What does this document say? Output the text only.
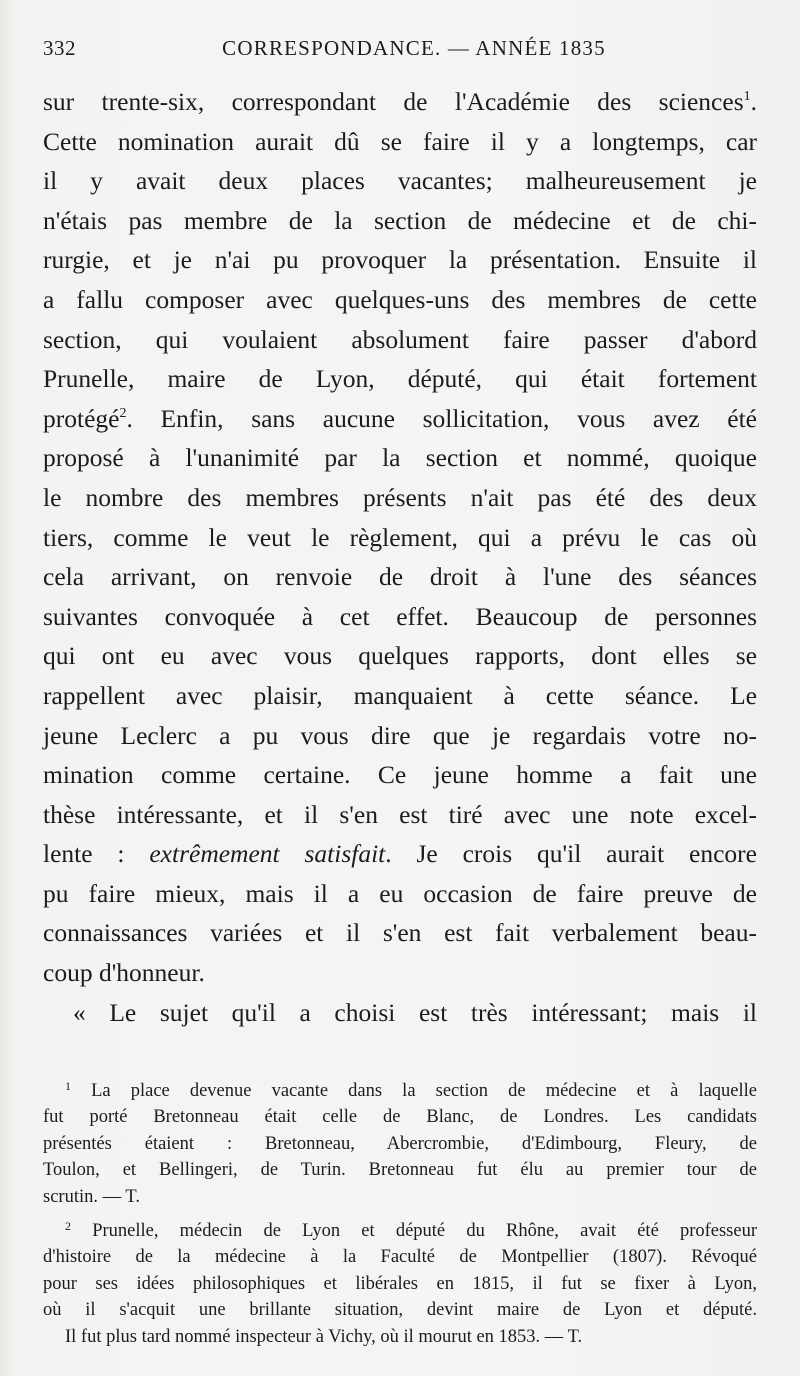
332	CORRESPONDANCE. — ANNÉE 1835
sur trente-six, correspondant de l'Académie des sciences$^1$.
Cette nomination aurait dû se faire il y a longtemps, car
il y avait deux places vacantes; malheureusement je
n'étais pas membre de la section de médecine et de chi-
rurgie, et je n'ai pu provoquer la présentation. Ensuite il
a fallu composer avec quelques-uns des membres de cette
section, qui voulaient absolument faire passer d'abord
Prunelle, maire de Lyon, député, qui était fortement
protégé$^2$. Enfin, sans aucune sollicitation, vous avez été
proposé à l'unanimité par la section et nommé, quoique
le nombre des membres présents n'ait pas été des deux
tiers, comme le veut le règlement, qui a prévu le cas où
cela arrivant, on renvoie de droit à l'une des séances
suivantes convoquée à cet effet. Beaucoup de personnes
qui ont eu avec vous quelques rapports, dont elles se
rappellent avec plaisir, manquaient à cette séance. Le
jeune Leclerc a pu vous dire que je regardais votre no-
mination comme certaine. Ce jeune homme a fait une
thèse intéressante, et il s'en est tiré avec une note excel-
lente : extrêmement satisfait. Je crois qu'il aurait encore
pu faire mieux, mais il a eu occasion de faire preuve de
connaissances variées et il s'en est fait verbalement beau-
coup d'honneur.
« Le sujet qu'il a choisi est très intéressant; mais il
$^1$ La place devenue vacante dans la section de médecine et à laquelle
fut porté Bretonneau était celle de Blanc, de Londres. Les candidats
présentés étaient : Bretonneau, Abercrombie, d'Edimbourg, Fleury, de
Toulon, et Bellingeri, de Turin. Bretonneau fut élu au premier tour de
scrutin. — T.
$^2$ Prunelle, médecin de Lyon et député du Rhône, avait été professeur
d'histoire de la médecine à la Faculté de Montpellier (1807). Révoqué
pour ses idées philosophiques et libérales en 1815, il fut se fixer à Lyon,
où il s'acquit une brillante situation, devint maire de Lyon et député.
Il fut plus tard nommé inspecteur à Vichy, où il mourut en 1853. — T.
